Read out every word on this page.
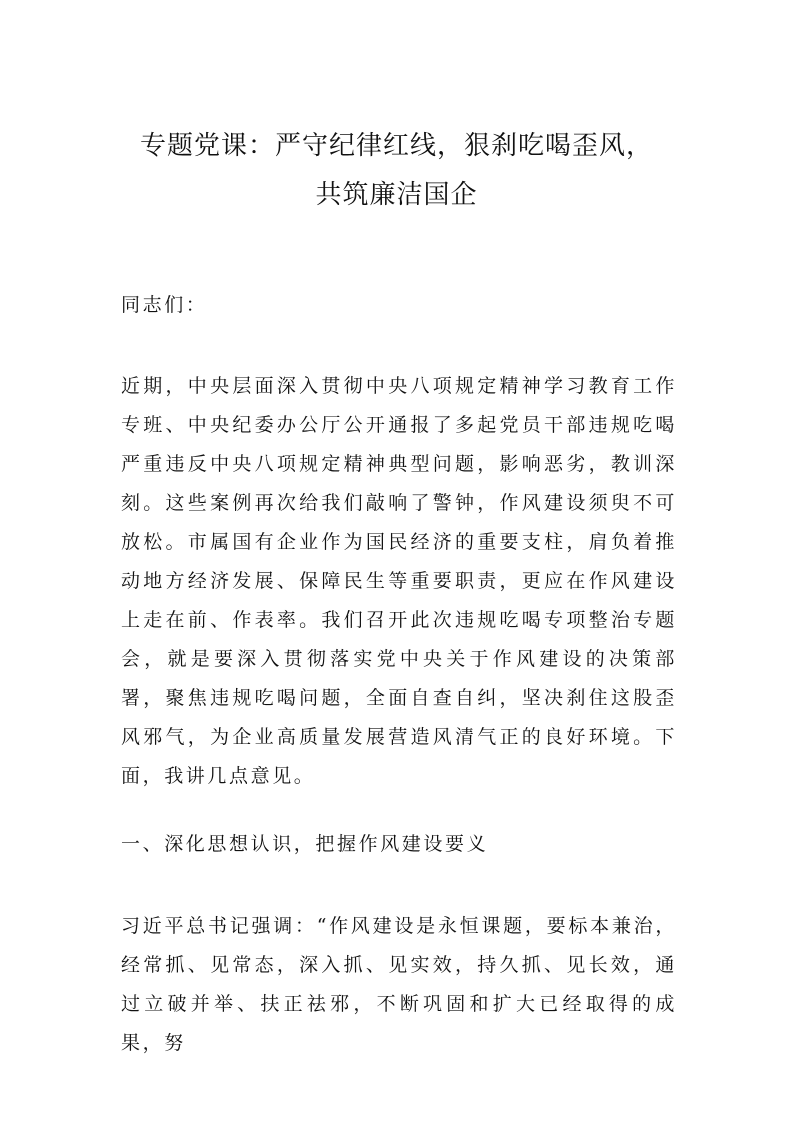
专题党课：严守纪律红线，狠刹吃喝歪风，
共筑廉洁国企
同志们：
近期，中央层面深入贯彻中央八项规定精神学习教育工作专班、中央纪委办公厅公开通报了多起党员干部违规吃喝严重违反中央八项规定精神典型问题，影响恶劣，教训深刻。这些案例再次给我们敲响了警钟，作风建设须臾不可放松。市属国有企业作为国民经济的重要支柱，肩负着推动地方经济发展、保障民生等重要职责，更应在作风建设上走在前、作表率。我们召开此次违规吃喝专项整治专题会，就是要深入贯彻落实党中央关于作风建设的决策部署，聚焦违规吃喝问题，全面自查自纠，坚决刹住这股歪风邪气，为企业高质量发展营造风清气正的良好环境。下面，我讲几点意见。
一、深化思想认识，把握作风建设要义
习近平总书记强调：“作风建设是永恒课题，要标本兼治，经常抓、见常态，深入抓、见实效，持久抓、见长效，通过立破并举、扶正祛邪，不断巩固和扩大已经取得的成果，努
